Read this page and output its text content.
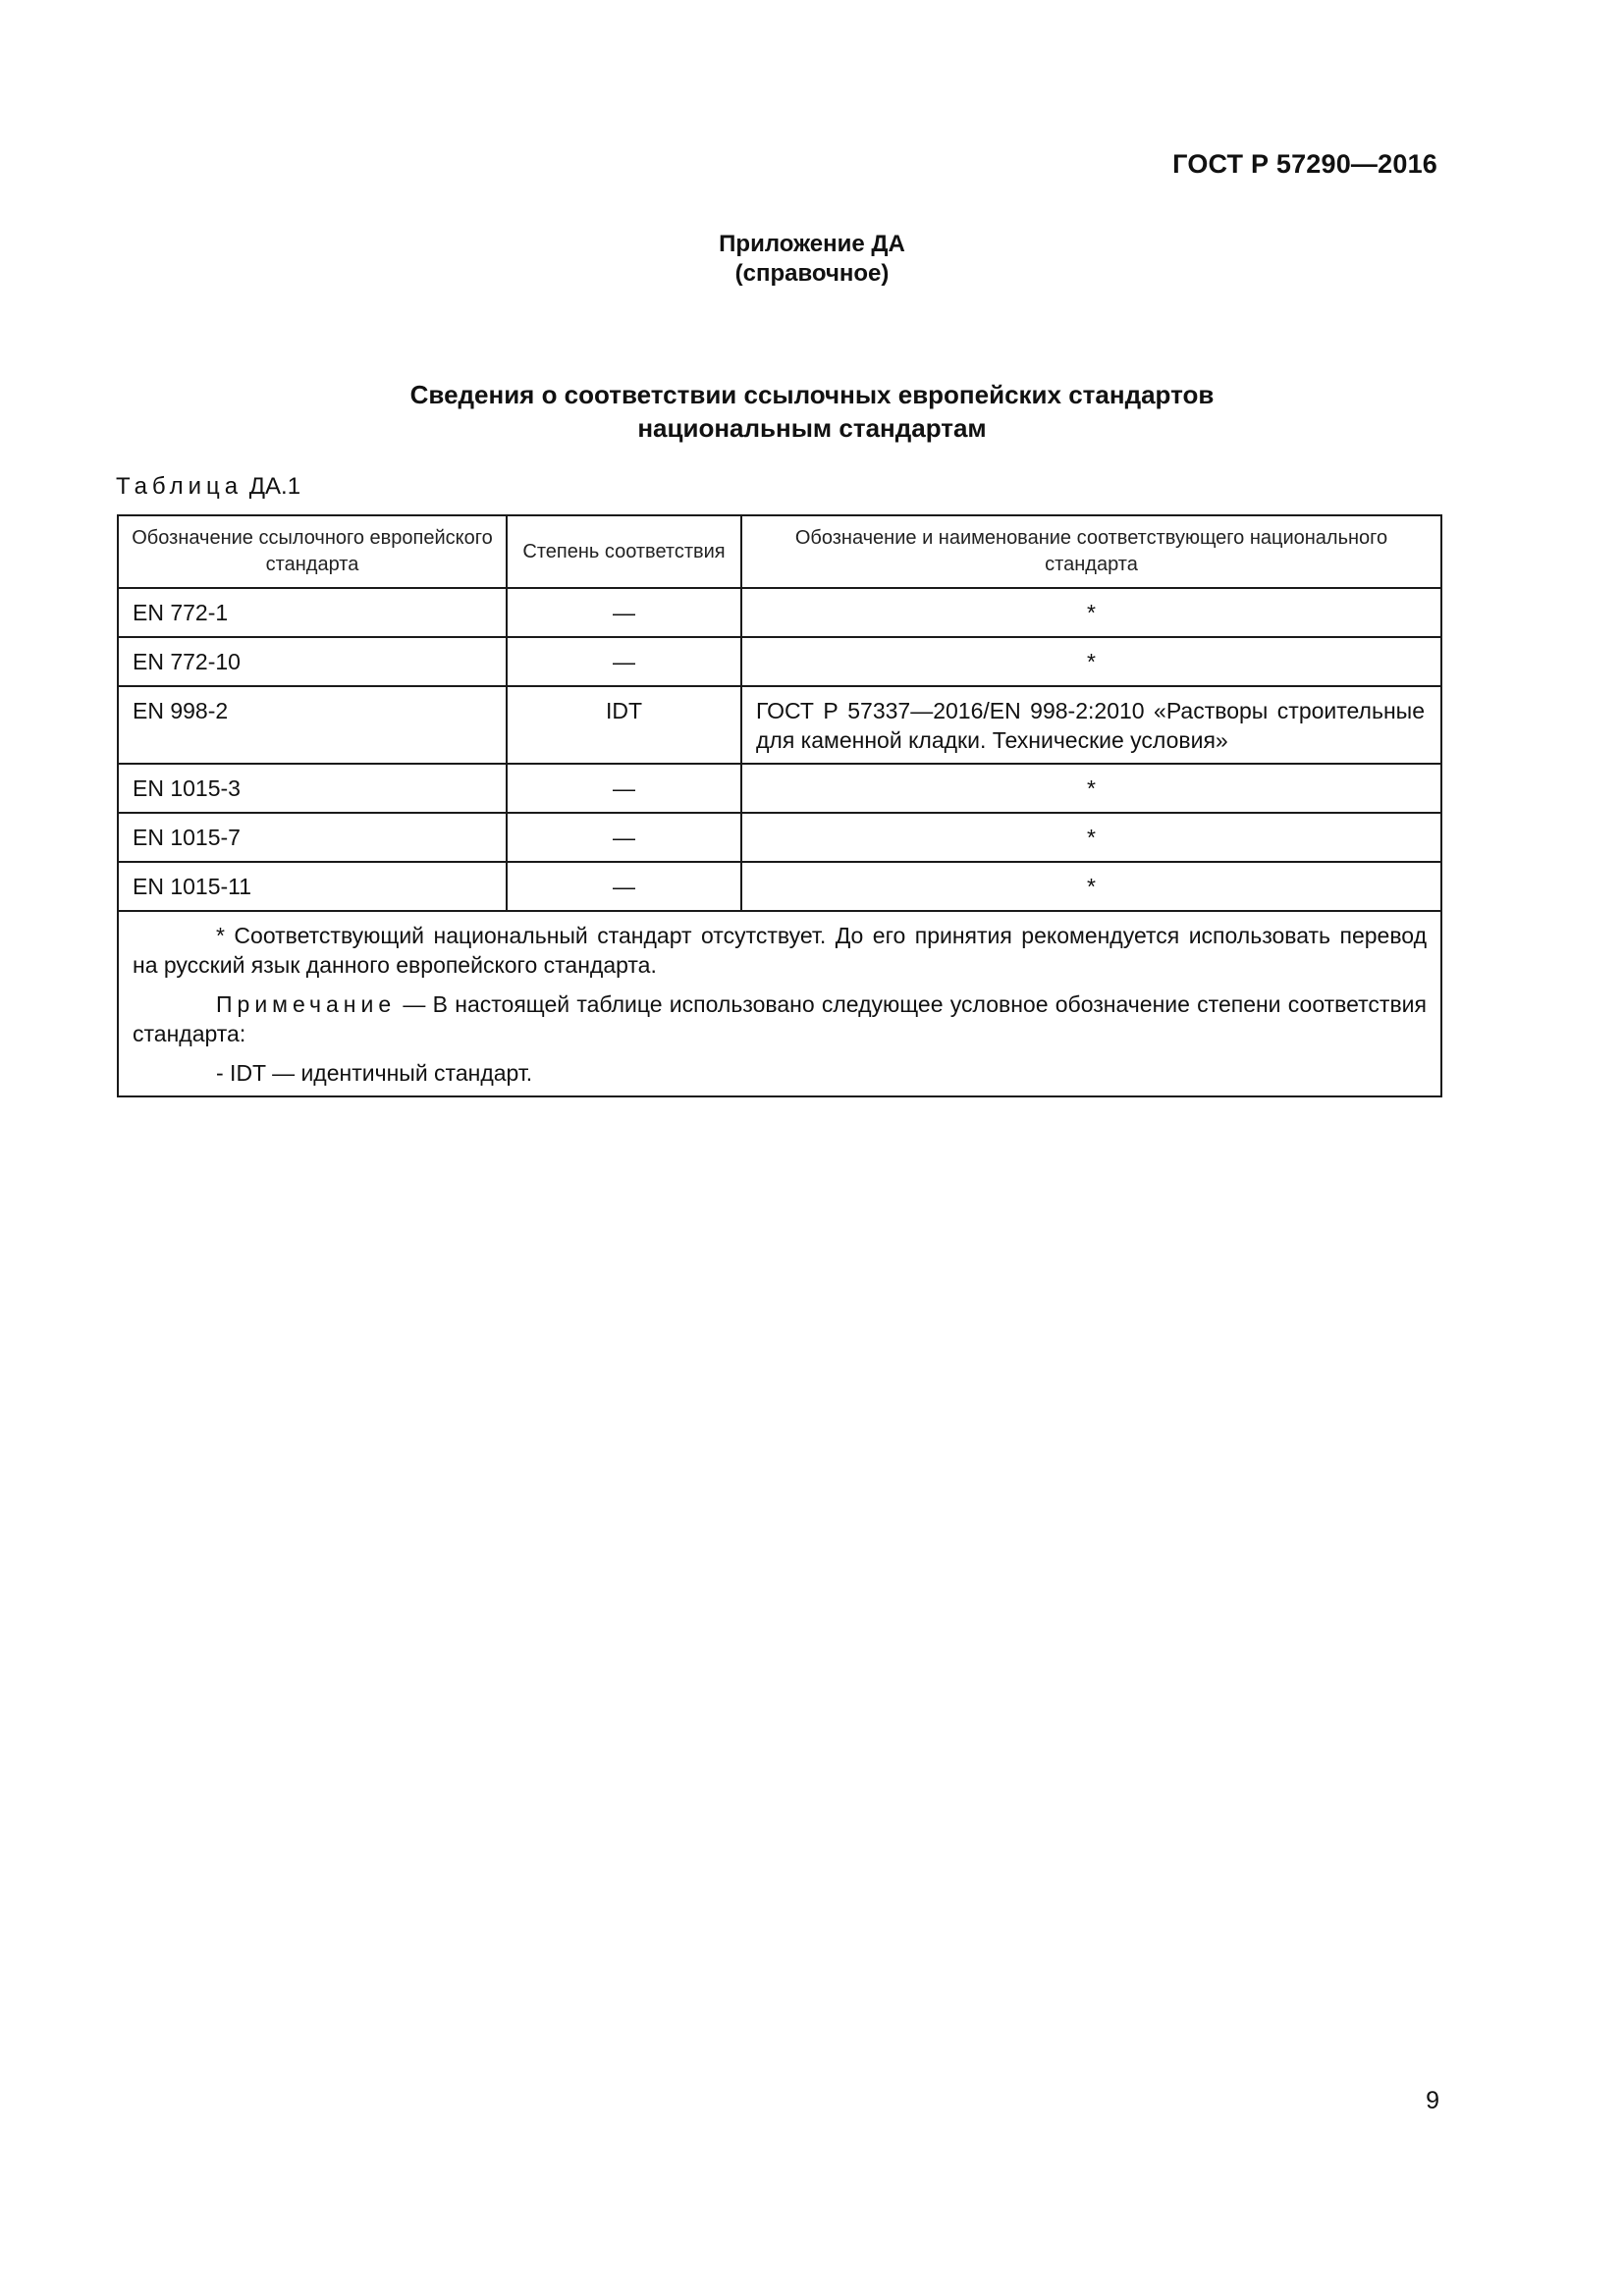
ГОСТ Р 57290—2016
Приложение ДА
(справочное)
Сведения о соответствии ссылочных европейских стандартов
национальным стандартам
Таблица ДА.1
Обозначение ссылочного европейского стандарта	Степень соответствия	Обозначение и наименование соответствующего национального стандарта
EN 772-1	—	*
EN 772-10	—	*
EN 998-2	IDT	ГОСТ Р 57337—2016/EN 998-2:2010 «Растворы строительные для каменной кладки. Технические условия»
EN 1015-3	—	*
EN 1015-7	—	*
EN 1015-11	—	*

* Соответствующий национальный стандарт отсутствует. До его принятия рекомендуется использовать перевод на русский язык данного европейского стандарта.

Примечание — В настоящей таблице использовано следующее условное обозначение степени соответствия стандарта:

- IDT — идентичный стандарт.		

9
